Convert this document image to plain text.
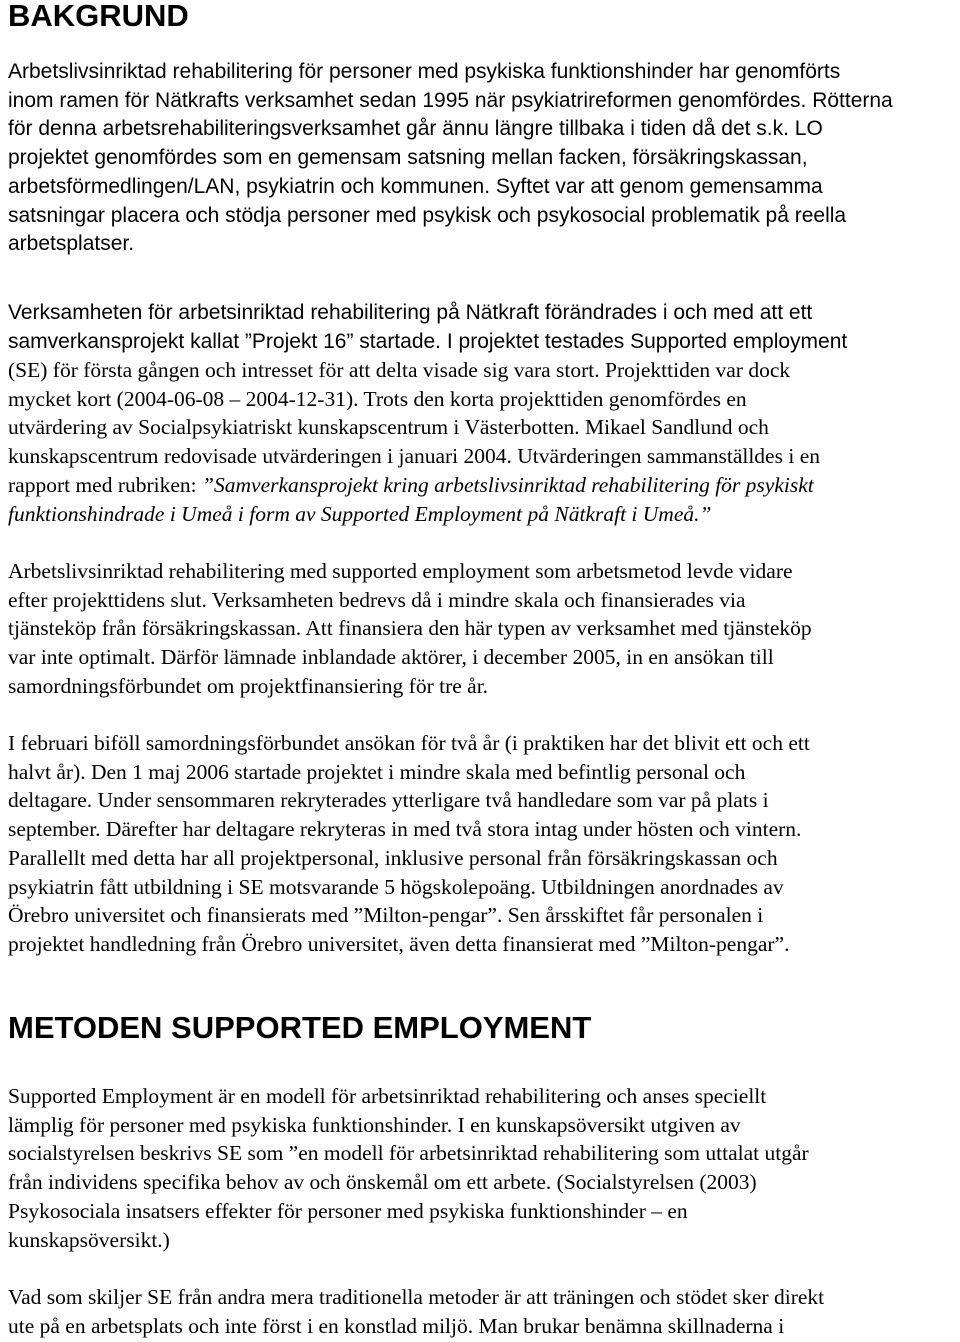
BAKGRUND
Arbetslivsinriktad rehabilitering för personer med psykiska funktionshinder har genomförts
inom ramen för Nätkrafts verksamhet sedan 1995 när psykiatrireformen genomfördes. Rötterna
för denna arbetsrehabiliteringsverksamhet går ännu längre tillbaka i tiden då det s.k. LO
projektet genomfördes som en gemensam satsning mellan facken, försäkringskassan,
arbetsförmedlingen/LAN, psykiatrin och kommunen. Syftet var att genom gemensamma
satsningar placera och stödja personer med psykisk och psykosocial problematik på reella
arbetsplatser.
Verksamheten för arbetsinriktad rehabilitering på Nätkraft förändrades i och med att ett
samverkansprojekt kallat ”Projekt 16” startade. I projektet testades Supported employment
(SE) för första gången och intresset för att delta visade sig vara stort. Projekttiden var dock
mycket kort (2004-06-08 – 2004-12-31). Trots den korta projekttiden genomfördes en
utvärdering av Socialpsykiatriskt kunskapscentrum i Västerbotten. Mikael Sandlund och
kunskapscentrum redovisade utvärderingen i januari 2004. Utvärderingen sammanställdes i en
rapport med rubriken: ”Samverkansprojekt kring arbetslivsinriktad rehabilitering för psykiskt
funktionshindrade i Umeå i form av Supported Employment på Nätkraft i Umeå.”
Arbetslivsinriktad rehabilitering med supported employment som arbetsmetod levde vidare
efter projekttidens slut. Verksamheten bedrevs då i mindre skala och finansierades via
tjänsteköp från försäkringskassan. Att finansiera den här typen av verksamhet med tjänsteköp
var inte optimalt. Därför lämnade inblandade aktörer, i december 2005, in en ansökan till
samordningsförbundet om projektfinansiering för tre år.
I februari biföll samordningsförbundet ansökan för två år (i praktiken har det blivit ett och ett
halvt år). Den 1 maj 2006 startade projektet i mindre skala med befintlig personal och
deltagare. Under sensommaren rekryterades ytterligare två handledare som var på plats i
september. Därefter har deltagare rekryteras in med två stora intag under hösten och vintern.
Parallellt med detta har all projektpersonal, inklusive personal från försäkringskassan och
psykiatrin fått utbildning i SE motsvarande 5 högskolepoäng. Utbildningen anordnades av
Örebro universitet och finansierats med ”Milton-pengar”. Sen årsskiftet får personalen i
projektet handledning från Örebro universitet, även detta finansierat med ”Milton-pengar”.
METODEN SUPPORTED EMPLOYMENT
Supported Employment är en modell för arbetsinriktad rehabilitering och anses speciellt
lämplig för personer med psykiska funktionshinder. I en kunskapsöversikt utgiven av
socialstyrelsen beskrivs SE som ”en modell för arbetsinriktad rehabilitering som uttalat utgår
från individens specifika behov av och önskemål om ett arbete. (Socialstyrelsen (2003)
Psykosociala insatsers effekter för personer med psykiska funktionshinder – en
kunskapsöversikt.)
Vad som skiljer SE från andra mera traditionella metoder är att träningen och stödet sker direkt
ute på en arbetsplats och inte först i en konstlad miljö. Man brukar benämna skillnaderna i
